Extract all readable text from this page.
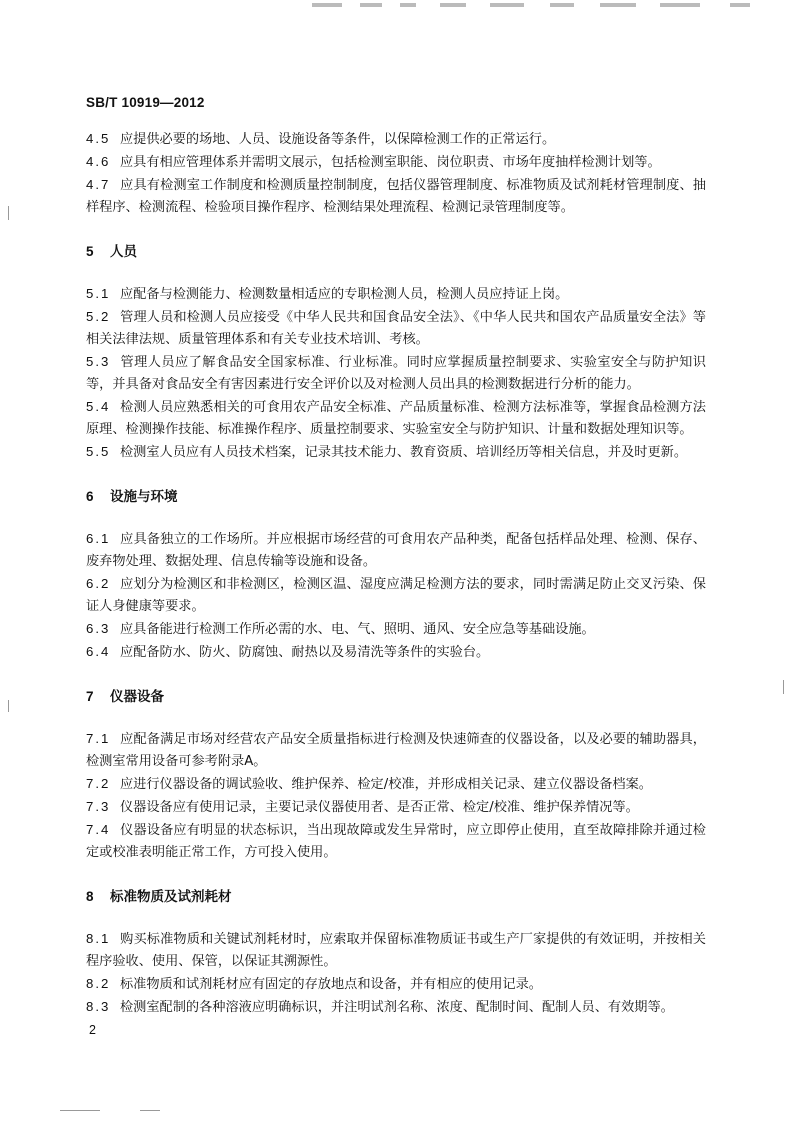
SB/T 10919—2012

4.5 应提供必要的场地、人员、设施设备等条件，以保障检测工作的正常运行。

4.6 应具有相应管理体系并需明文展示，包括检测室职能、岗位职责、市场年度抽样检测计划等。

4.7 应具有检测室工作制度和检测质量控制制度，包括仪器管理制度、标准物质及试剂耗材管理制度、抽样程序、检测流程、检验项目操作程序、检测结果处理流程、检测记录管理制度等。

5 人员

5.1 应配备与检测能力、检测数量相适应的专职检测人员，检测人员应持证上岗。

5.2 管理人员和检测人员应接受《中华人民共和国食品安全法》、《中华人民共和国农产品质量安全法》等相关法律法规、质量管理体系和有关专业技术培训、考核。

5.3 管理人员应了解食品安全国家标准、行业标准。同时应掌握质量控制要求、实验室安全与防护知识等，并具备对食品安全有害因素进行安全评价以及对检测人员出具的检测数据进行分析的能力。

5.4 检测人员应熟悉相关的可食用农产品安全标准、产品质量标准、检测方法标准等，掌握食品检测方法原理、检测操作技能、标准操作程序、质量控制要求、实验室安全与防护知识、计量和数据处理知识等。

5.5 检测室人员应有人员技术档案，记录其技术能力、教育资质、培训经历等相关信息，并及时更新。

6 设施与环境

6.1 应具备独立的工作场所。并应根据市场经营的可食用农产品种类，配备包括样品处理、检测、保存、废弃物处理、数据处理、信息传输等设施和设备。

6.2 应划分为检测区和非检测区，检测区温、湿度应满足检测方法的要求，同时需满足防止交叉污染、保证人身健康等要求。

6.3 应具备能进行检测工作所必需的水、电、气、照明、通风、安全应急等基础设施。

6.4 应配备防水、防火、防腐蚀、耐热以及易清洗等条件的实验台。

7 仪器设备

7.1 应配备满足市场对经营农产品安全质量指标进行检测及快速筛查的仪器设备，以及必要的辅助器具，检测室常用设备可参考附录A。

7.2 应进行仪器设备的调试验收、维护保养、检定/校准，并形成相关记录、建立仪器设备档案。

7.3 仪器设备应有使用记录，主要记录仪器使用者、是否正常、检定/校准、维护保养情况等。

7.4 仪器设备应有明显的状态标识，当出现故障或发生异常时，应立即停止使用，直至故障排除并通过检定或校准表明能正常工作，方可投入使用。

8 标准物质及试剂耗材

8.1 购买标准物质和关键试剂耗材时，应索取并保留标准物质证书或生产厂家提供的有效证明，并按相关程序验收、使用、保管，以保证其溯源性。

8.2 标准物质和试剂耗材应有固定的存放地点和设备，并有相应的使用记录。

8.3 检测室配制的各种溶液应明确标识，并注明试剂名称、浓度、配制时间、配制人员、有效期等。

2
